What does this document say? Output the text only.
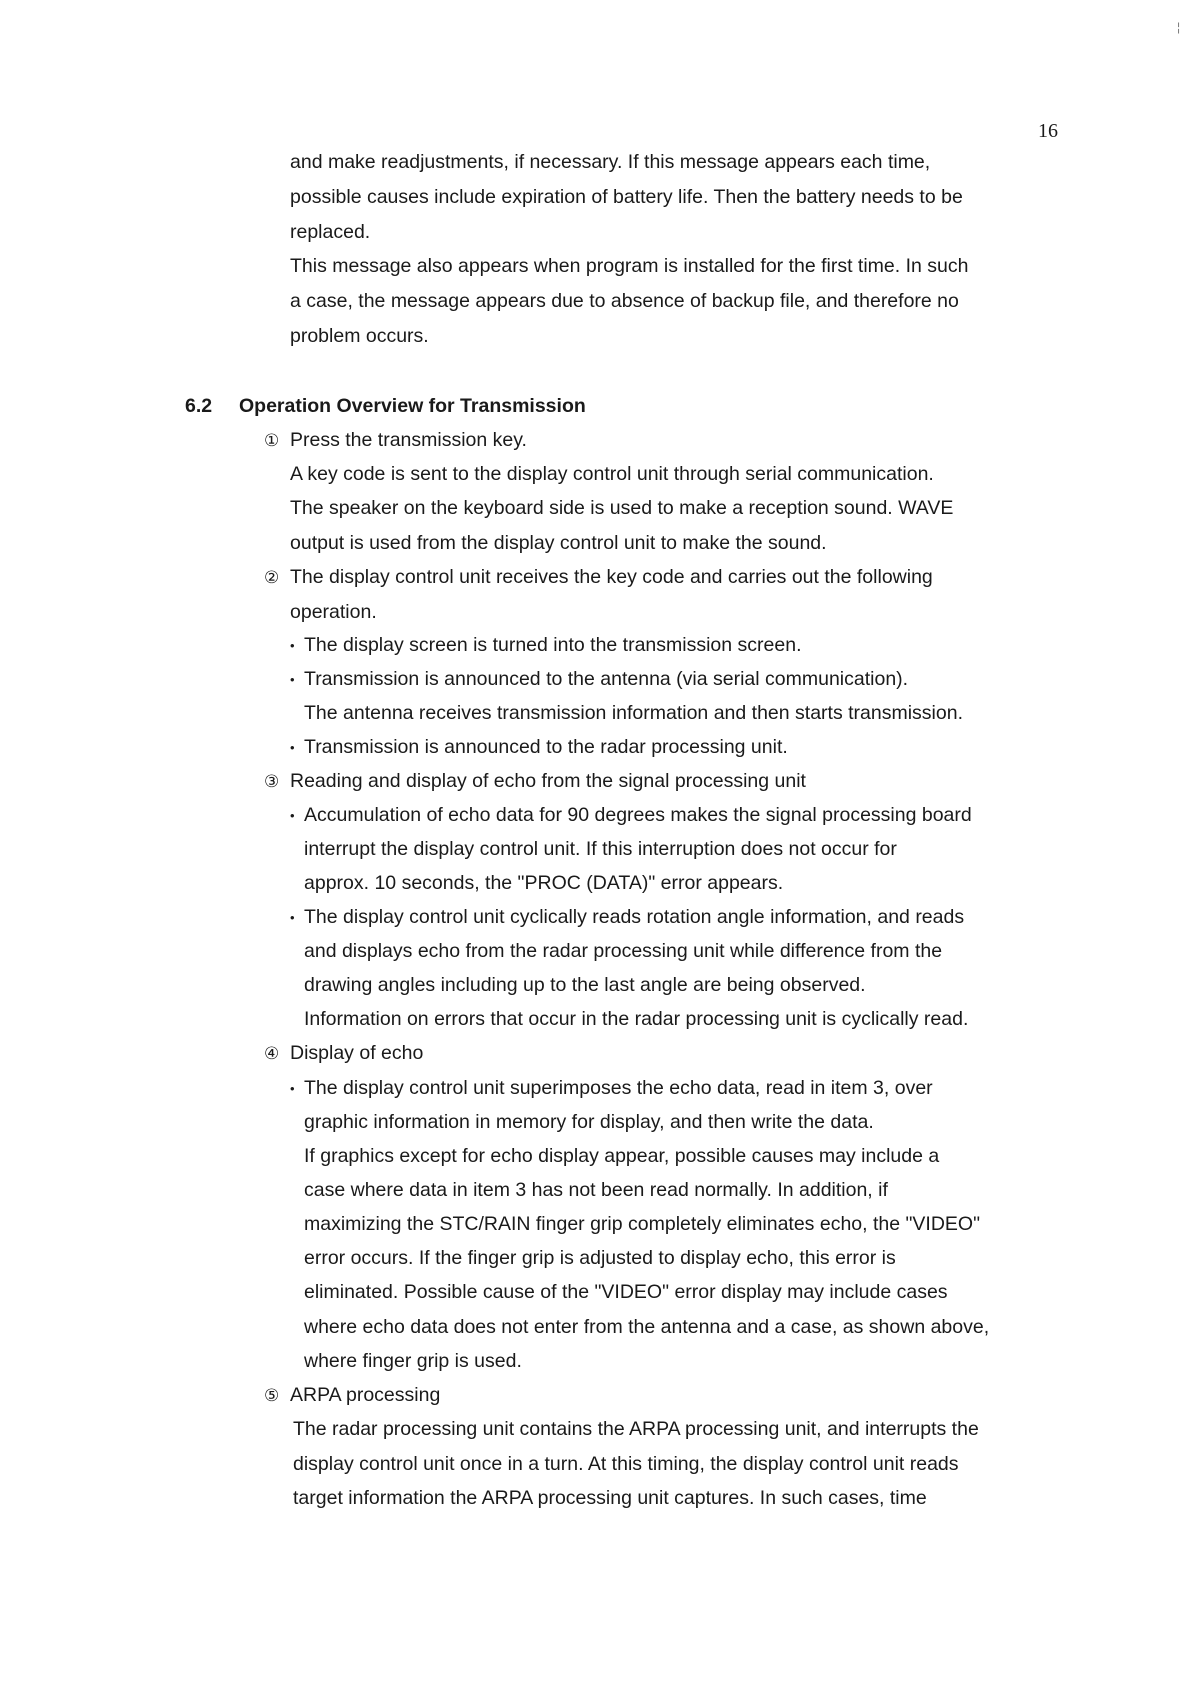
¦
16
and make readjustments, if necessary. If this message appears each time,
possible causes include expiration of battery life. Then the battery needs to be
replaced.
This message also appears when program is installed for the first time. In such
a case, the message appears due to absence of backup file, and therefore no
problem occurs.
6.2 Operation Overview for Transmission
① Press the transmission key.
A key code is sent to the display control unit through serial communication.
The speaker on the keyboard side is used to make a reception sound. WAVE
output is used from the display control unit to make the sound.
② The display control unit receives the key code and carries out the following
operation.
• The display screen is turned into the transmission screen.
• Transmission is announced to the antenna (via serial communication).
The antenna receives transmission information and then starts transmission.
• Transmission is announced to the radar processing unit.
③ Reading and display of echo from the signal processing unit
• Accumulation of echo data for 90 degrees makes the signal processing board
interrupt the display control unit. If this interruption does not occur for
approx. 10 seconds, the "PROC (DATA)" error appears.
• The display control unit cyclically reads rotation angle information, and reads
and displays echo from the radar processing unit while difference from the
drawing angles including up to the last angle are being observed.
Information on errors that occur in the radar processing unit is cyclically read.
④ Display of echo
• The display control unit superimposes the echo data, read in item 3, over
graphic information in memory for display, and then write the data.
If graphics except for echo display appear, possible causes may include a
case where data in item 3 has not been read normally. In addition, if
maximizing the STC/RAIN finger grip completely eliminates echo, the "VIDEO"
error occurs. If the finger grip is adjusted to display echo, this error is
eliminated. Possible cause of the "VIDEO" error display may include cases
where echo data does not enter from the antenna and a case, as shown above,
where finger grip is used.
⑤ ARPA processing
The radar processing unit contains the ARPA processing unit, and interrupts the
display control unit once in a turn. At this timing, the display control unit reads
target information the ARPA processing unit captures. In such cases, time
